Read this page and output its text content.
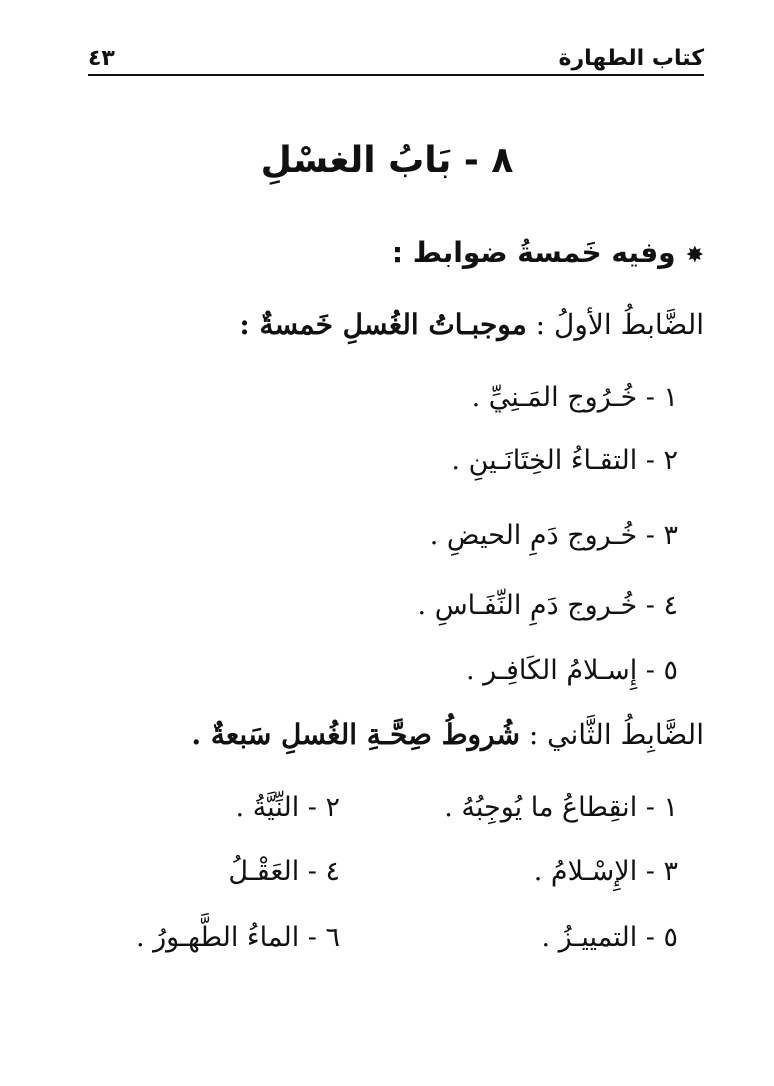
كتاب الطهارة
٤٣
٨ - بَابُ الغسْلِ
✸وفيه خَمسةُ ضوابط :
الضَّابطُ الأولُ : موجبـاتُ الغُسلِ خَمسةٌ :
١ - خُـرُوج المَـنِيِّ .
٢ - التقـاءُ الخِتَانَـينِ .
٣ - خُـروج دَمِ الحيضِ .
٤ - خُـروج دَمِ النِّفَـاسِ .
٥ - إِسـلامُ الكَافِـر .
الضَّابِطُ الثَّاني : شُروطُ صِحَّـةِ الغُسلِ سَبعةٌ .
١ - انقِطاعُ ما يُوجِبُهُ .
٢ - النِّيَّةُ .
٣ - الإِسْـلامُ .
٤ - العَقْـلُ
٥ - التمييـزُ .
٦ - الماءُ الطَّهـورُ .
